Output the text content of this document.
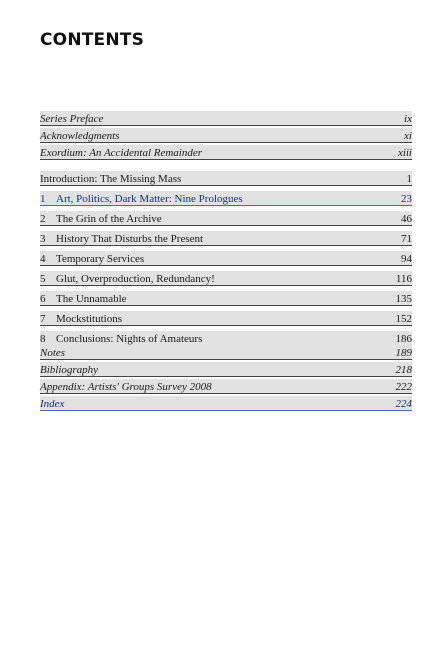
CONTENTS
Series Preface	ix
Acknowledgments	xi
Exordium: An Accidental Remainder	xiii
Introduction: The Missing Mass	1
1 Art, Politics, Dark Matter: Nine Prologues	23
2 The Grin of the Archive	46
3 History That Disturbs the Present	71
4 Temporary Services	94
5 Glut, Overproduction, Redundancy!	116
6 The Unnamable	135
7 Mockstitutions	152
8 Conclusions: Nights of Amateurs	186
Notes	189
Bibliography	218
Appendix: Artists' Groups Survey 2008	222
Index	224
